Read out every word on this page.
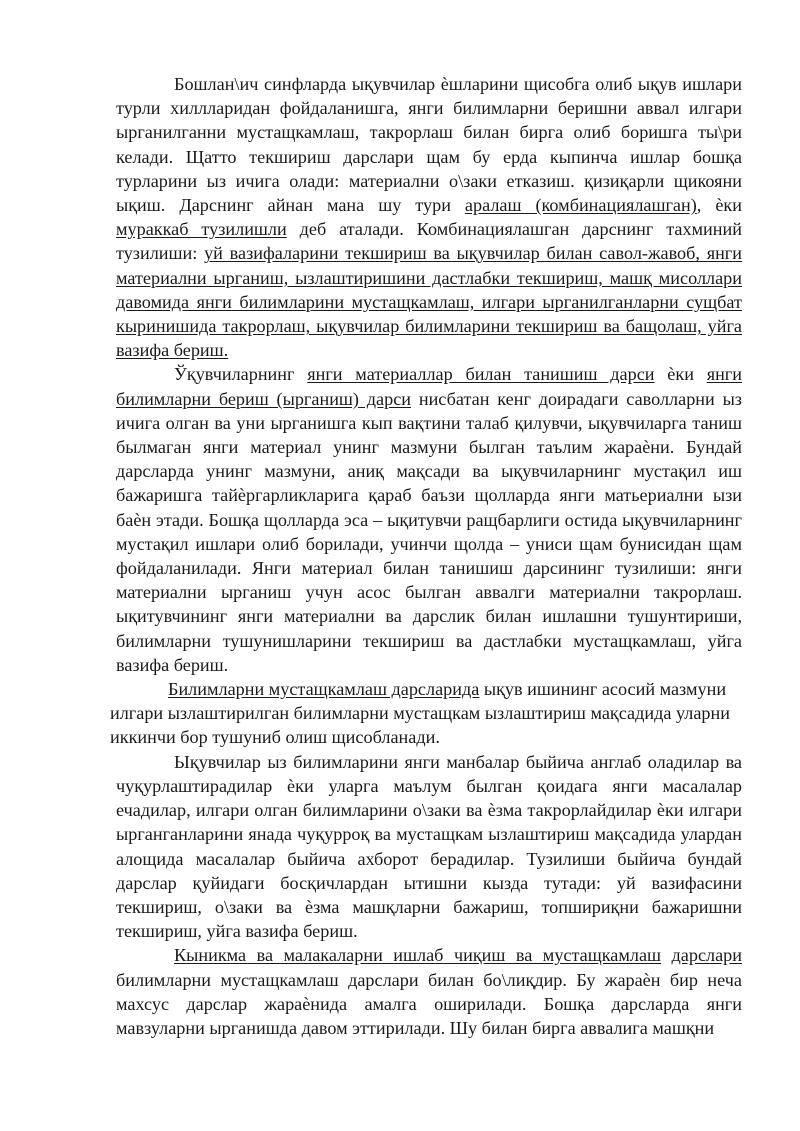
Бошлан\ич синфларда ықувчилар ѐшларини щисобга олиб ықув ишлари турли хиллларидан фойдаланишга, янги билимларни беришни аввал илгари ырганилганни мустащкамлаш, такрорлаш билан бирга олиб боришга ты\ри келади. Щатто текшириш дарслари щам бу ерда кыпинча ишлар бошқа турларини ыз ичига олади: материални о\заки етказиш. қизиқарли щикояни ықиш. Дарснинг айнан мана шу тури аралаш (комбинациялашган), ѐки мураккаб тузилишли деб аталади. Комбинациялашган дарснинг тахминий тузилиши: уй вазифаларини текшириш ва ықувчилар билан савол-жавоб, янги материални ырганиш, ызлаштиришини дастлабки текшириш, машқ мисоллари давомида янги билимларини мустащкамлаш, илгари ырганилганларни сущбат кыринишида такрорлаш, ықувчилар билимларини текшириш ва бащолаш, уйга вазифа бериш.

Ўқувчиларнинг янги материаллар билан танишиш дарси ѐки янги билимларни бериш (ырганиш) дарси нисбатан кенг доирадаги саволларни ыз ичига олган ва уни ырганишга кып вақтини талаб қилувчи, ықувчиларга таниш былмаган янги материал унинг мазмуни былган таълим жараѐни. Бундай дарсларда унинг мазмуни, аниқ мақсади ва ықувчиларнинг мустақил иш бажаришга тайѐргарликларига қараб баъзи щолларда янги матьериални ызи баѐн этади. Бошқа щолларда эса – ықитувчи ращбарлиги остида ықувчиларнинг мустақил ишлари олиб борилади, учинчи щолда – униси щам бунисидан щам фойдаланилади. Янги материал билан танишиш дарсининг тузилиши: янги материални ырганиш учун асос былган аввалги материални такрорлаш. ықитувчининг янги материални ва дарслик билан ишлашни тушунтириши, билимларни тушунишларини текшириш ва дастлабки мустащкамлаш, уйга вазифа бериш.

Билимларни мустащкамлаш дарсларида ықув ишининг асосий мазмуни илгари ызлаштирилган билимларни мустащкам ызлаштириш мақсадида уларни иккинчи бор тушуниб олиш щисобланади.

Ықувчилар ыз билимларини янги манбалар быйича англаб оладилар ва чуқурлаштирадилар ѐки уларга маълум былган қоидага янги масалалар ечадилар, илгари олган билимларини о\заки ва ѐзма такрорлайдилар ѐки илгари ырганганларини янада чуқурроқ ва мустащкам ызлаштириш мақсадида улардан алощида масалалар быйича ахборот берадилар. Тузилиши быйича бундай дарслар қуйидаги босқичлардан ытишни кызда тутади: уй вазифасини текшириш, о\заки ва ѐзма машқларни бажариш, топшириқни бажаришни текшириш, уйга вазифа бериш.

Кыникма ва малакаларни ишлаб чиқиш ва мустащкамлаш дарслари билимларни мустащкамлаш дарслари билан бо\лиқдир. Бу жараѐн бир неча махсус дарслар жараѐнида амалга оширилади. Бошқа дарсларда янги мавзуларни ырганишда давом эттирилади. Шу билан бирга аввалига машқни
